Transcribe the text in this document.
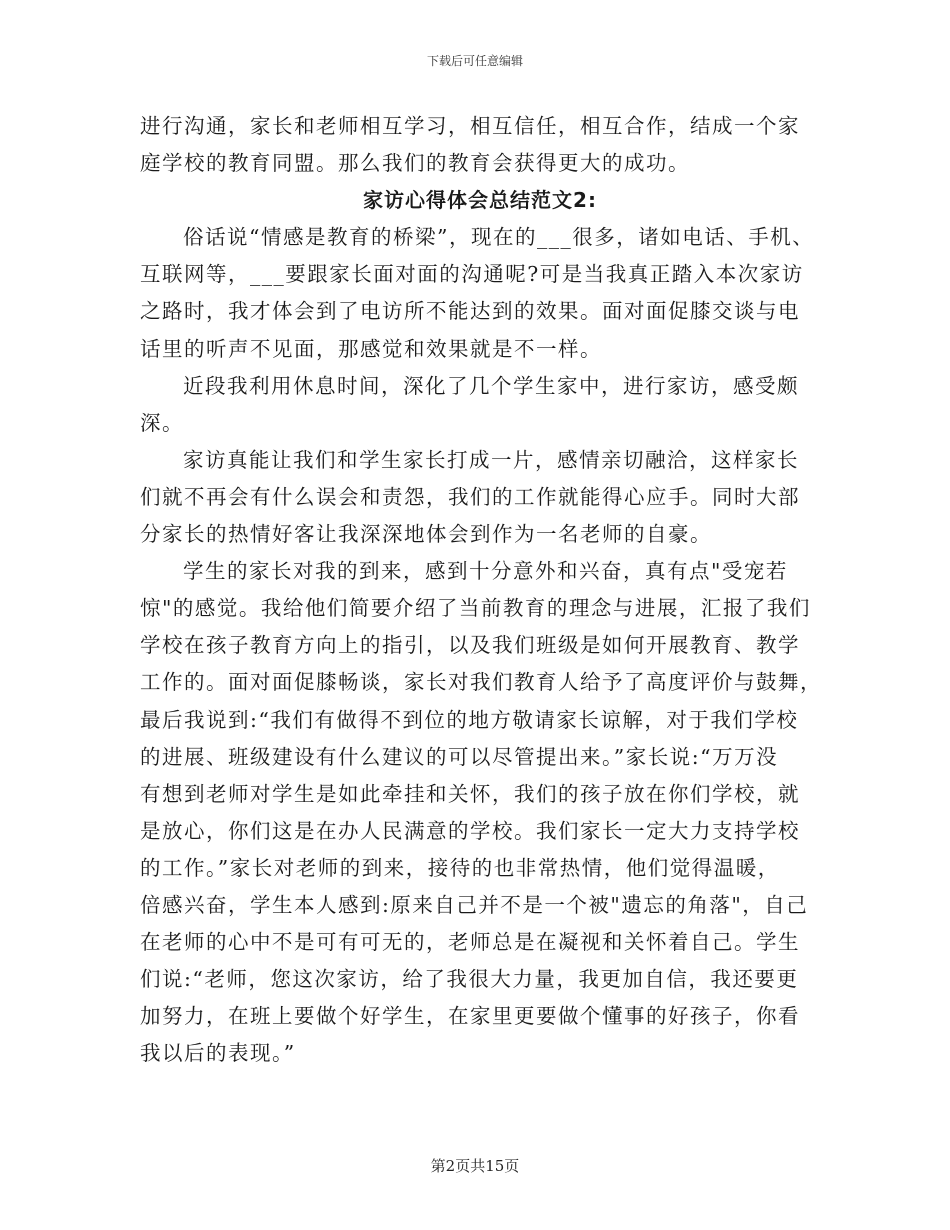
下载后可任意编辑
进行沟通，家长和老师相互学习，相互信任，相互合作，结成一个家
庭学校的教育同盟。那么我们的教育会获得更大的成功。
家访心得体会总结范文2:
俗话说“情感是教育的桥梁”，现在的___很多，诸如电话、手机、
互联网等，___要跟家长面对面的沟通呢?可是当我真正踏入本次家访
之路时，我才体会到了电访所不能达到的效果。面对面促膝交谈与电
话里的听声不见面，那感觉和效果就是不一样。
近段我利用休息时间，深化了几个学生家中，进行家访，感受颇
深。
家访真能让我们和学生家长打成一片，感情亲切融洽，这样家长
们就不再会有什么误会和责怨，我们的工作就能得心应手。同时大部
分家长的热情好客让我深深地体会到作为一名老师的自豪。
学生的家长对我的到来，感到十分意外和兴奋，真有点"受宠若
惊"的感觉。我给他们简要介绍了当前教育的理念与进展，汇报了我们
学校在孩子教育方向上的指引，以及我们班级是如何开展教育、教学
工作的。面对面促膝畅谈，家长对我们教育人给予了高度评价与鼓舞，
最后我说到:“我们有做得不到位的地方敬请家长谅解，对于我们学校
的进展、班级建设有什么建议的可以尽管提出来。”家长说:“万万没
有想到老师对学生是如此牵挂和关怀，我们的孩子放在你们学校，就
是放心，你们这是在办人民满意的学校。我们家长一定大力支持学校
的工作。”家长对老师的到来，接待的也非常热情，他们觉得温暖，
倍感兴奋，学生本人感到:原来自己并不是一个被"遗忘的角落"，自己
在老师的心中不是可有可无的，老师总是在凝视和关怀着自己。学生
们说:“老师，您这次家访，给了我很大力量，我更加自信，我还要更
加努力，在班上要做个好学生，在家里更要做个懂事的好孩子，你看
我以后的表现。”
第2页共15页
